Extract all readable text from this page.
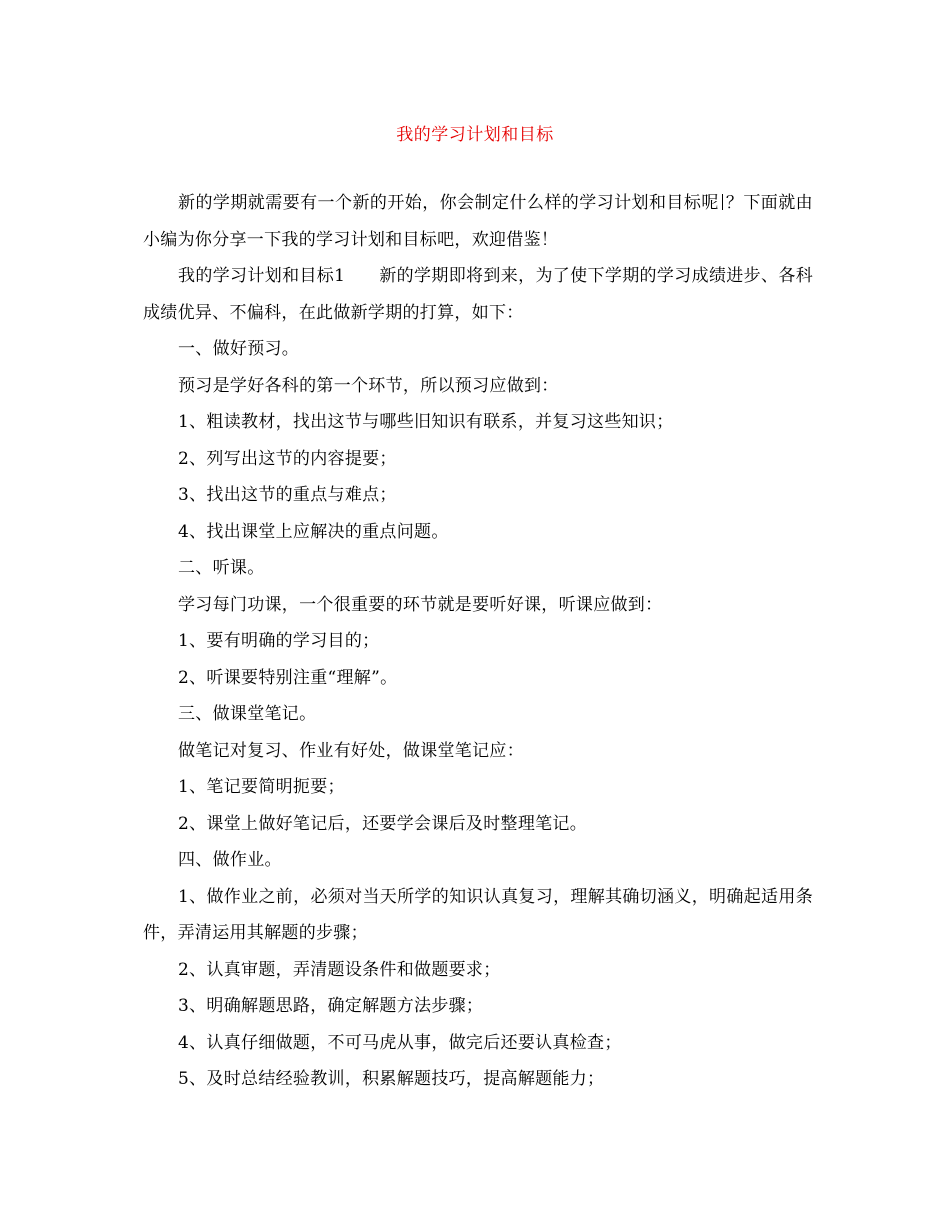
我的学习计划和目标

新的学期就需要有一个新的开始，你会制定什么样的学习计划和目标呢 ？下面就由小编为你分享一下我的学习计划和目标吧，欢迎借鉴！

我的学习计划和目标1 新的学期即将到来，为了使下学期的学习成绩进步、各科成绩优异、不偏科，在此做新学期的打算，如下：

一、做好预习。

预习是学好各科的第一个环节，所以预习应做到：

1、粗读教材，找出这节与哪些旧知识有联系，并复习这些知识；

2、列写出这节的内容提要；

3、找出这节的重点与难点；

4、找出课堂上应解决的重点问题。

二、听课。

学习每门功课，一个很重要的环节就是要听好课，听课应做到：

1、要有明确的学习目的；

2、听课要特别注重“理解”。

三、做课堂笔记。

做笔记对复习、作业有好处，做课堂笔记应：

1、笔记要简明扼要；

2、课堂上做好笔记后，还要学会课后及时整理笔记。

四、做作业。

1、做作业之前，必须对当天所学的知识认真复习，理解其确切涵义，明确起适用条件，弄清运用其解题的步骤；

2、认真审题，弄清题设条件和做题要求；

3、明确解题思路，确定解题方法步骤；

4、认真仔细做题，不可马虎从事，做完后还要认真检查；

5、及时总结经验教训，积累解题技巧，提高解题能力；
